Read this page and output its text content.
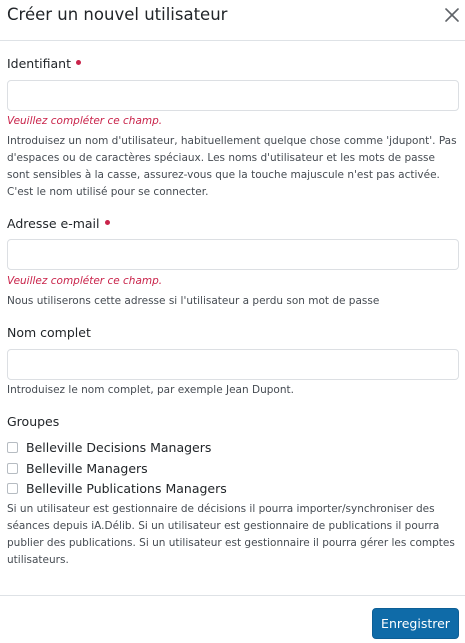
Créer un nouvel utilisateur
Identifiant
Veuillez compléter ce champ.
Introduisez un nom d'utilisateur, habituellement quelque chose comme 'jdupont'. Pas d'espaces ou de caractères spéciaux. Les noms d'utilisateur et les mots de passe sont sensibles à la casse, assurez-vous que la touche majuscule n'est pas activée. C'est le nom utilisé pour se connecter.
Adresse e-mail
Veuillez compléter ce champ.
Nous utiliserons cette adresse si l'utilisateur a perdu son mot de passe
Nom complet
Introduisez le nom complet, par exemple Jean Dupont.
Groupes
Belleville Decisions Managers
Belleville Managers
Belleville Publications Managers
Si un utilisateur est gestionnaire de décisions il pourra importer/synchroniser des séances depuis iA.Délib. Si un utilisateur est gestionnaire de publications il pourra publier des publications. Si un utilisateur est gestionnaire il pourra gérer les comptes utilisateurs.
Enregistrer
